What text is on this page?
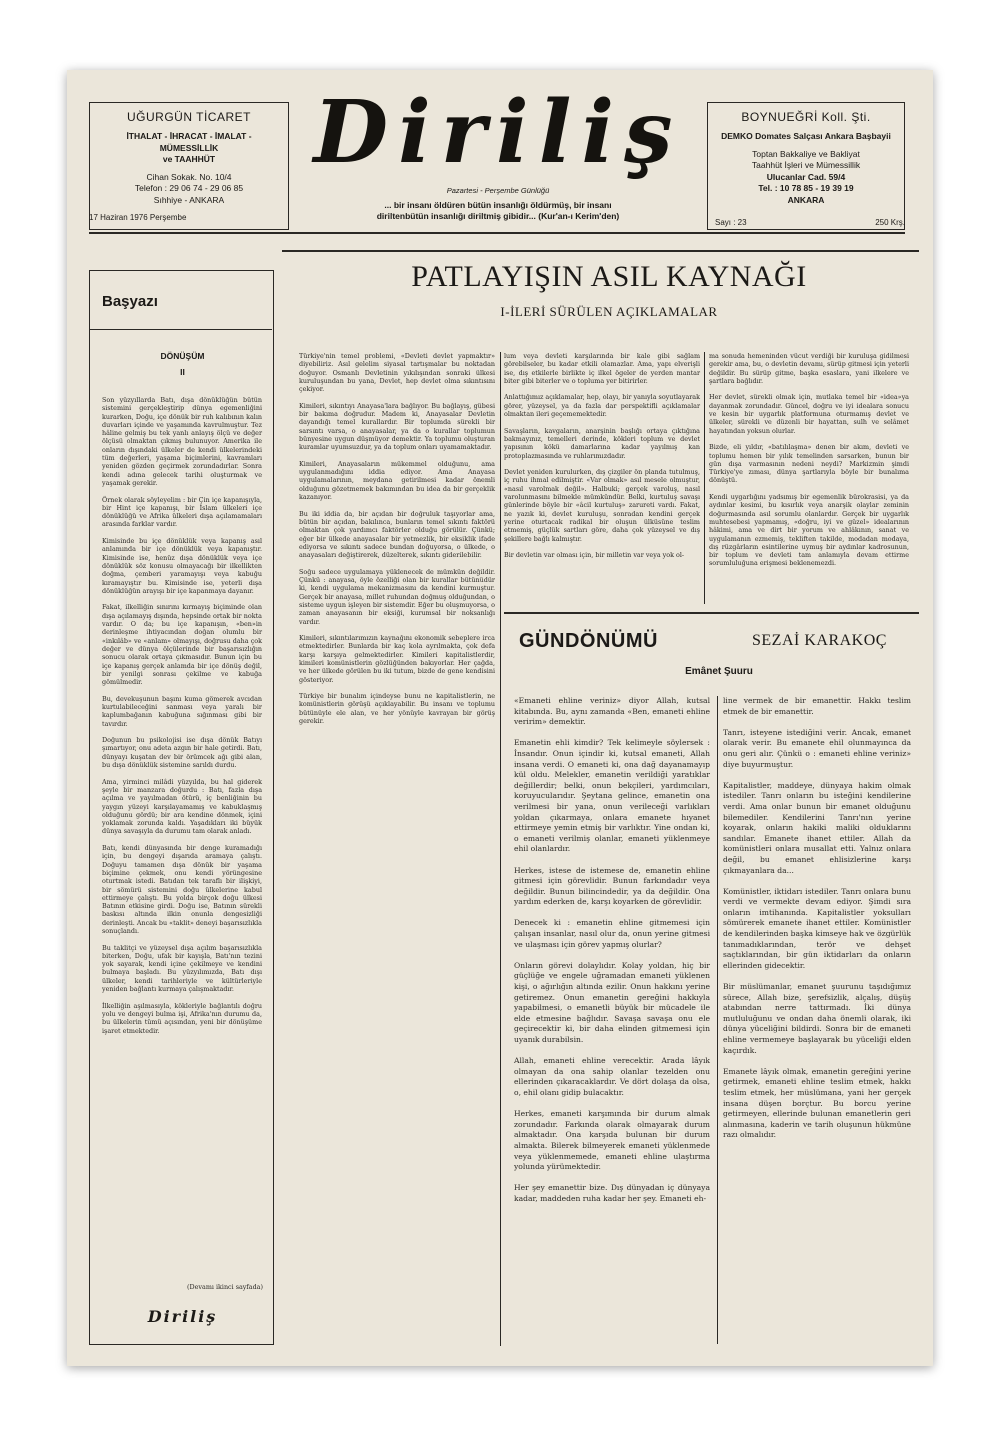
UĞURGÜN TİCARET
İTHALAT - İHRACAT - İMALAT - MÜMESSİLLİK
ve TAAHHÜT
Cihan Sokak. No. 10/4
Telefon : 29 06 74 - 29 06 85
Sıhhiye - ANKARA
Diriliş
Pazartesi - Perşembe Günlüğü
... bir insanı öldüren bütün insanlığı öldürmüş, bir insanı
diriltenbütün insanlığı diriltmiş gibidir... (Kur'an-ı Kerim'den)
BOYNUEĞRİ Koll. Şti.
DEMKO Domates Salçası Ankara Başbayii
Toptan Bakkaliye ve Bakliyat
Taahhüt İşleri ve Mümessillik
Ulucanlar Cad. 59/4
Tel. : 10 78 85 - 19 39 19
ANKARA
17 Haziran 1976 Perşembe
Sayı : 23	250 Krş.
Başyazı
DÖNÜŞÜM
II
Son yüzyıllarda Batı, dışa dönüklüğün bütün sistemini gerçekleştirip dünya egemenliğini kurarken, Doğu, içe dönük bir ruh kalıbının kalın duvarları içinde ve yaşamında kavrulmuştur. Tez hâline gelmiş bu tek yanlı anlayış ölçü ve değer ölçüsü olmaktan çıkmış bulunuyor. Amerika ile onların dışındaki ülkeler de kendi ülkelerindeki tüm değerleri, yaşama biçimlerini, kavramları yeniden gözden geçirmek zorundadırlar. Sonra kendi adına gelecek tarihi oluşturmak ve yaşamak gerekir.

Örnek olarak söyleyelim : bir Çin içe kapanışıyla, bir Hint içe kapanışı, bir İslam ülkeleri içe dönüklüğü ve Afrika ülkeleri dışa açılamamaları arasında farklar vardır.

Kimisinde bu içe dönüklük veya kapanış asıl anlamında bir içe dönüklük veya kapanıştır. Kimisinde ise, henüz dışa dönüklük veya içe dönüklük söz konusu olmayacağı bir ilkellikten doğma, çemberi yaramayışı veya kabuğu kıramayıştır bu. Kimisinde ise, yeterli dışa dönüklüğün arayışı bir içe kapanmaya dayanır.

Fakat, ilkelliğin sınırını kırmayış biçiminde olan dışa açılamayış dışında, hepsinde ortak bir nokta vardır. O da; bu içe kapanışın, «ben»in derinleşme ihtiyacından doğan olumlu bir «inkılâb» ve «anlam» olmayışı, doğrusu daha çok değer ve dünya ölçülerinde bir başarısızlığın sonucu olarak ortaya çıkmasıdır. Bunun için bu içe kapanış gerçek anlamda bir içe dönüş değil, bir yenilgi sonrası çekilme ve kabuğa gömülmedir.

Bu, devekuşunun başını kuma gömerek avcıdan kurtulabileceğini sanması veya yaralı bir kaplumbağanın kabuğuna sığınması gibi bir tavırdır.

Doğunun bu psikolojisi ise dışa dönük Batıyı şımartıyor, onu adeta azgın bir hale getirdi. Batı, dünyayı kuşatan dev bir örümcek ağı gibi alan, bu dışa dönüklük sistemine sarıldı durdu.

Ama, yirminci milâdi yüzyılda, bu hal giderek şeyle bir manzara doğurdu : Batı, fazla dışa açılma ve yayılmadan ötürü, iç benliğinin bu yaygın yüzeyi karşılayamamış ve kabuklaşmış olduğunu gördü; bir ara kendine dönmek, içini yoklamak zorunda kaldı. Yaşadıkları iki büyük dünya savaşıyla da durumu tam olarak anladı.

Batı, kendi dünyasında bir denge kuramadığı için, bu dengeyi dışarıda aramaya çalıştı. Doğuyu tamamen dışa dönük bir yaşama biçimine çekmek, onu kendi yörüngesine oturtmak istedi. Batıdan tek taraflı bir ilişkiyi, bir sömürü sistemini doğu ülkelerine kabul ettirmeye çalıştı. Bu yolda birçok doğu ülkesi Batının etkisine girdi. Doğu ise, Batının sürekli baskısı altında ilkin onunla dengesizliği derinleşti. Ancak bu «taklit» deneyi başarısızlıkla sonuçlandı.

Bu taklitçi ve yüzeysel dışa açılım başarısızlıkla biterken, Doğu, ufak bir kayışla, Batı'nın tezini yok sayarak, kendi içine çekilmeye ve kendini bulmaya başladı. Bu yüzyılımızda, Batı dışı ülkeler, kendi tarihleriyle ve kültürleriyle yeniden bağlantı kurmaya çalışmaktadır.

İlkelliğin aşılmasıyla, kökleriyle bağlantılı doğru yolu ve dengeyi bulma işi, Afrika'nın durumu da, bu ülkelerin tümü açısından, yeni bir dönüşüme işaret etmektedir.
(Devamı ikinci sayfada)
Diriliş
PATLAYIŞIN ASIL KAYNAĞI
I-İLERİ SÜRÜLEN AÇIKLAMALAR
Türkiye'nin temel problemi, «Devleti devlet yapmaktır» diyebiliriz. Asıl gelelim siyasal tartışmalar bu noktadan doğuyor. Osmanlı Devletinin yıkılışından sonraki ülkesi kuruluşundan bu yana, Devlet, hep devlet olma sıkıntısını çekiyor.

Kimileri, sıkıntıyı Anayasa'lara bağlıyor. Bu bağlayış, gübesi bir bakıma doğrudur. Madem ki, Anayasalar Devletin dayandığı temel kurallardır. Bir toplumda sürekli bir sarsıntı varsa, o anayasalar, ya da o kurallar toplumun bünyesine uygun düşmüyor demektir. Ya toplumu oluşturan kuramlar uyumsuzdur, ya da toplum onları uyamamaktadır.

Kimileri, Anayasaların mükemmel olduğunu, ama uygulanmadığını iddia ediyor. Ama Anayasa uygulamalarının, meydana getirilmesi kadar önemli olduğunu gözetmemek bakımından bu idea da bir gerçeklik kazanıyor.

Bu iki iddia da, bir açıdan bir doğruluk taşıyorlar ama, bütün bir açıdan, bakılınca, bunların temel sıkıntı faktörü olmaktan çok yardımcı faktörler olduğu görülür. Çünkü; eğer bir ülkede anayasalar bir yetmezlik, bir eksiklik ifade ediyorsa ve sıkıntı sadece bundan doğuyorsa, o ülkede, o anayasaları değiştirerek, düzelterek, sıkıntı giderilebilir.

Soğu sadece uygulamaya yüklenecek de mümkün değildir. Çünkü : anayasa, öyle özelliği olan bir kurallar bütünüdür ki, kendi uygulama mekanizmasını da kendini kurmuştur. Gerçek bir anayasa, millet ruhundan doğmuş olduğundan, o sisteme uygun işleyen bir sistemdir. Eğer bu oluşmuyorsa, o zaman anayasanın bir eksiği, kurumsal bir noksanlığı vardır.

Kimileri, sıkıntılarımızın kaynağını ekonomik sebeplere irca etmektedirler. Bunlarda bir kaç kola ayrılmakta, çok defa karşı karşıya gelmektedirler. Kimileri kapitalistlerdir, kimileri komünistlerin gözlüğünden bakıyorlar. Her çağda, ve her ülkede görülen bu iki tutum, bizde de gene kendisini gösteriyor.

Türkiye bir bunalım içindeyse bunu ne kapitalistlerin, ne komünistlerin görüşü açıklayabilir. Bu insanı ve toplumu bütünüyle ele alan, ve her yönüyle kavrayan bir görüş gerekir.
lum veya devleti karşılarında bir kale gibi sağlam görebilseler, bu kadar etkili olamazlar. Ama, yapı elverişli ise, dış etkilerle birlikte iç ilkel ögeler de yerden mantar biter gibi biterler ve o topluma yer bitirirler.

Anlattığımız açıklamalar, hep, olayı, bir yanıyla soyutlayarak görer, yüzeysel, ya da fazla dar perspektifli açıklamalar olmaktan ileri geçememektedir.

Savaşların, kavgaların, anarşinin başlığı ortaya çıktığına bakmayınız, temelleri derinde, kökleri toplum ve devlet yapısının kökü damarlarına kadar yayılmış kan protoplazmasında ve ruhlarımızdadır.

Devlet yeniden kurulurken, dış çizgiler ön planda tutulmuş, iç ruhu ihmal edilmiştir. «Var olmak» asıl mesele olmuştur, «nasıl varolmak değil». Halbuki; gerçek varoluş, nasıl varolunmasını bilmekle mümkündür. Belki, kurtuluş savaşı günlerinde böyle bir «âcil kurtuluş» zarureti vardı. Fakat, ne yazık ki, devlet kuruluşu, sonradan kendini gerçek yerine oturtacak radikal bir oluşun ülküsüne teslim etmemiş, güçlük sartları göre, daha çok yüzeysel ve dış şekillere bağlı kalmıştır.

Bir devletin var olması için, bir milletin var veya yok ol-
ma sonuda hemeninden vücut verdiği bir kuruluşa gidilmesi gerekir ama, bu, o devletin devamı, sürüp gitmesi için yeterli değildir. Bu sürüp gitme, başka esaslara, yani ilkelere ve şartlara bağlıdır.

Her devlet, sürekli olmak için, mutlaka temel bir «idea»ya dayanmak zorundadır. Güncel, doğru ve iyi idealara sonucu ve kesin bir uygarlık platformuna oturmamış devlet ve ülkeler, sürekli ve düzenli bir hayattan, sulh ve selâmet hayatından yoksun olurlar.

Bizde, eli yıldır, «batılılaşma» denen bir akım, devleti ve toplumu hemen bir yılık temelinden sarsarken, bunun bir gün dışa varmasının nedeni neydi? Markizmin şimdi Türkiye'ye zıması, dünya şartlarıyla böyle bir bunalıma dönüştü.

Kendi uygarlığını yadsımış bir egemenlik bürokrasisi, ya da aydınlar kesimi, bu kısırlık veya anarşik olaylar zeminin doğurmasında asıl sorumlu olanlardır. Gerçek bir uygarlık muhtesebesi yapmamış, «doğru, iyi ve güzel» idealarının hâkimi, ama ve dirt bir yorum ve ahlâkının, sanat ve uygulamanın ezmemiş, tekliften takilde, modadan modaya, dış rüzgârların esintilerine uymuş bir aydınlar kadrosunun, bir toplum ve devleti tam anlamıyla devam ettirme sorumluluğuna erişmesi beklenemezdi.
GÜNDÖNÜMÜ	SEZAİ KARAKOÇ
Emânet Şuuru
«Emaneti ehline veriniz» diyor Allah, kutsal kitabında. Bu, aynı zamanda «Ben, emaneti ehline veririm» demektir.

Emanetin ehli kimdir? Tek kelimeyle söylersek : İnsandır. Onun içindir ki, kutsal emaneti, Allah insana verdi. O emaneti ki, ona dağ dayanamayıp kül oldu. Melekler, emanetin verildiği yaratıklar değillerdir; belki, onun bekçileri, yardımcıları, koruyucularıdır. Şeytana gelince, emanetin ona verilmesi bir yana, onun verileceği varlıkları yoldan çıkarmaya, onlara emanete hıyanet ettirmeye yemin etmiş bir varlıktır. Yine ondan ki, o emaneti verilmiş olanlar, emaneti yüklenmeye ehil olanlardır.

Herkes, istese de istemese de, emanetin ehline gitmesi için görevlidir. Bunun farkındadır veya değildir. Bunun bilincindedir, ya da değildir. Ona yardım ederken de, karşı koyarken de görevlidir.

Denecek ki : emanetin ehline gitmemesi için çalışan insanlar, nasıl olur da, onun yerine gitmesi ve ulaşması için görev yapmış olurlar?

Onların görevi dolaylıdır. Kolay yoldan, hiç bir güçlüğe ve engele uğramadan emaneti yüklenen kişi, o ağırlığın altında ezilir. Onun hakkını yerine getiremez. Onun emanetin gereğini hakkıyla yapabilmesi, o emanetli büyük bir mücadele ile elde etmesine bağlıdır. Savaşa savaşa onu ele geçirecektir ki, bir daha elinden gitmemesi için uyanık durabilsin.

Allah, emaneti ehline verecektir. Arada lâyık olmayan da ona sahip olanlar tezelden onu ellerinden çıkaracaklardır. Ve dört dolaşa da olsa, o, ehil olanı gidip bulacaktır.

Herkes, emaneti karşımında bir durum almak zorundadır. Farkında olarak olmayarak durum almaktadır. Ona karşıda bulunan bir durum almakta. Bilerek bilmeyerek emaneti yüklenmede veya yüklenmemede, emaneti ehline ulaştırma yolunda yürümektedir.

Her şey emanettir bize. Dış dünyadan iç dünyaya kadar, maddeden ruha kadar her şey. Emaneti eh-
line vermek de bir emanettir. Hakkı teslim etmek de bir emanettir.

Tanrı, isteyene istediğini verir. Ancak, emanet olarak verir. Bu emanete ehil olunmayınca da onu geri alır. Çünkü o : emaneti ehline veriniz» diye buyurmuştur.

Kapitalistler, maddeye, dünyaya hakim olmak istediler. Tanrı onların bu isteğini kendilerine verdi. Ama onlar bunun bir emanet olduğunu bilemediler. Kendilerini Tanrı'nın yerine koyarak, onların hakiki maliki olduklarını sandılar. Emanete ihanet ettiler. Allah da komünistleri onlara musallat etti. Yalnız onlara değil, bu emanet ehlisizlerine karşı çıkmayanlara da...

Komünistler, iktidarı istediler. Tanrı onlara bunu verdi ve vermekte devam ediyor. Şimdi sıra onların imtihanında. Kapitalistler yoksulları sömürerek emanete ihanet ettiler. Komünistler de kendilerinden başka kimseye hak ve özgürlük tanımadıklarından, terör ve dehşet saçtıklarından, bir gün iktidarları da onların ellerinden gidecektir.

Bir müslümanlar, emanet şuurunu taşıdığımız sürece, Allah bize, şerefsizlik, alçalış, düşüş atabından nerre tattırmadı. İki dünya mutluluğunu ve ondan daha önemli olarak, iki dünya yüceliğini bildirdi. Sonra bir de emaneti ehline vermemeye başlayarak bu yüceliği elden kaçırdık.

Emanete lâyık olmak, emanetin gereğini yerine getirmek, emaneti ehline teslim etmek, hakkı teslim etmek, her müslümana, yani her gerçek insana düşen borçtur. Bu borcu yerine getirmeyen, ellerinde bulunan emanetlerin geri alınmasına, kaderin ve tarih oluşunun hükmüne razı olmalıdır.
